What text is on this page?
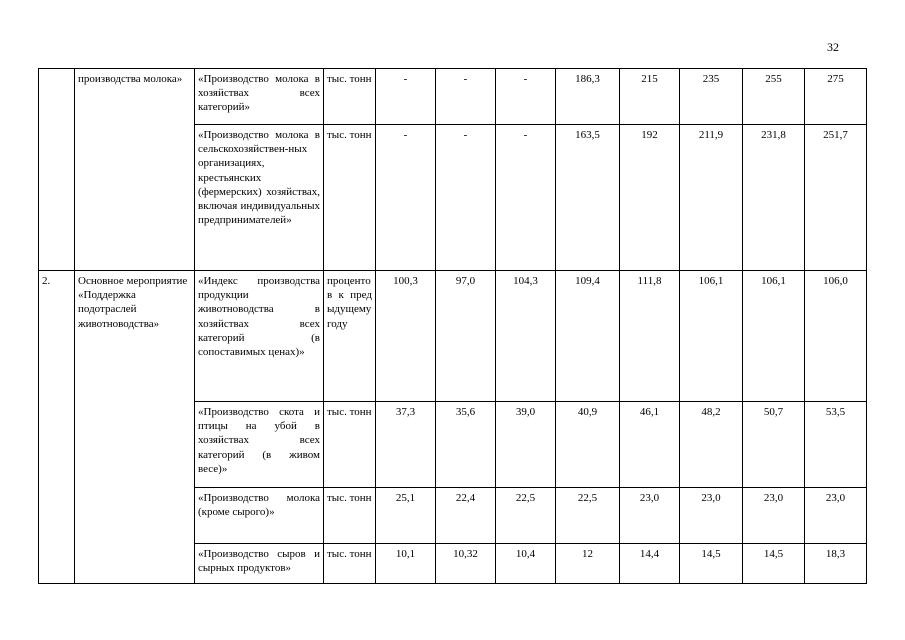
32
	производства молока»	«Производство молока в хозяйствах всех категорий»	тыс. тонн	-	-	-	186,3	215	235	255	275
		«Производство молока в сельскохозяйствен-ных организациях, крестьянских (фермерских) хозяйствах, включая индивидуальных предпринимателей»	тыс. тонн	-	-	-	163,5	192	211,9	231,8	251,7
2.	Основное мероприятие «Поддержка подотраслей животноводства»	«Индекс производства продукции животноводства в хозяйствах всех категорий (в сопоставимых ценах)»	процентов к предыдущему году	100,3	97,0	104,3	109,4	111,8	106,1	106,1	106,0
		«Производство скота и птицы на убой в хозяйствах всех категорий (в живом весе)»	тыс. тонн	37,3	35,6	39,0	40,9	46,1	48,2	50,7	53,5
		«Производство молока (кроме сырого)»	тыс. тонн	25,1	22,4	22,5	22,5	23,0	23,0	23,0	23,0
		«Производство сыров и сырных продуктов»	тыс. тонн	10,1	10,32	10,4	12	14,4	14,5	14,5	18,3
